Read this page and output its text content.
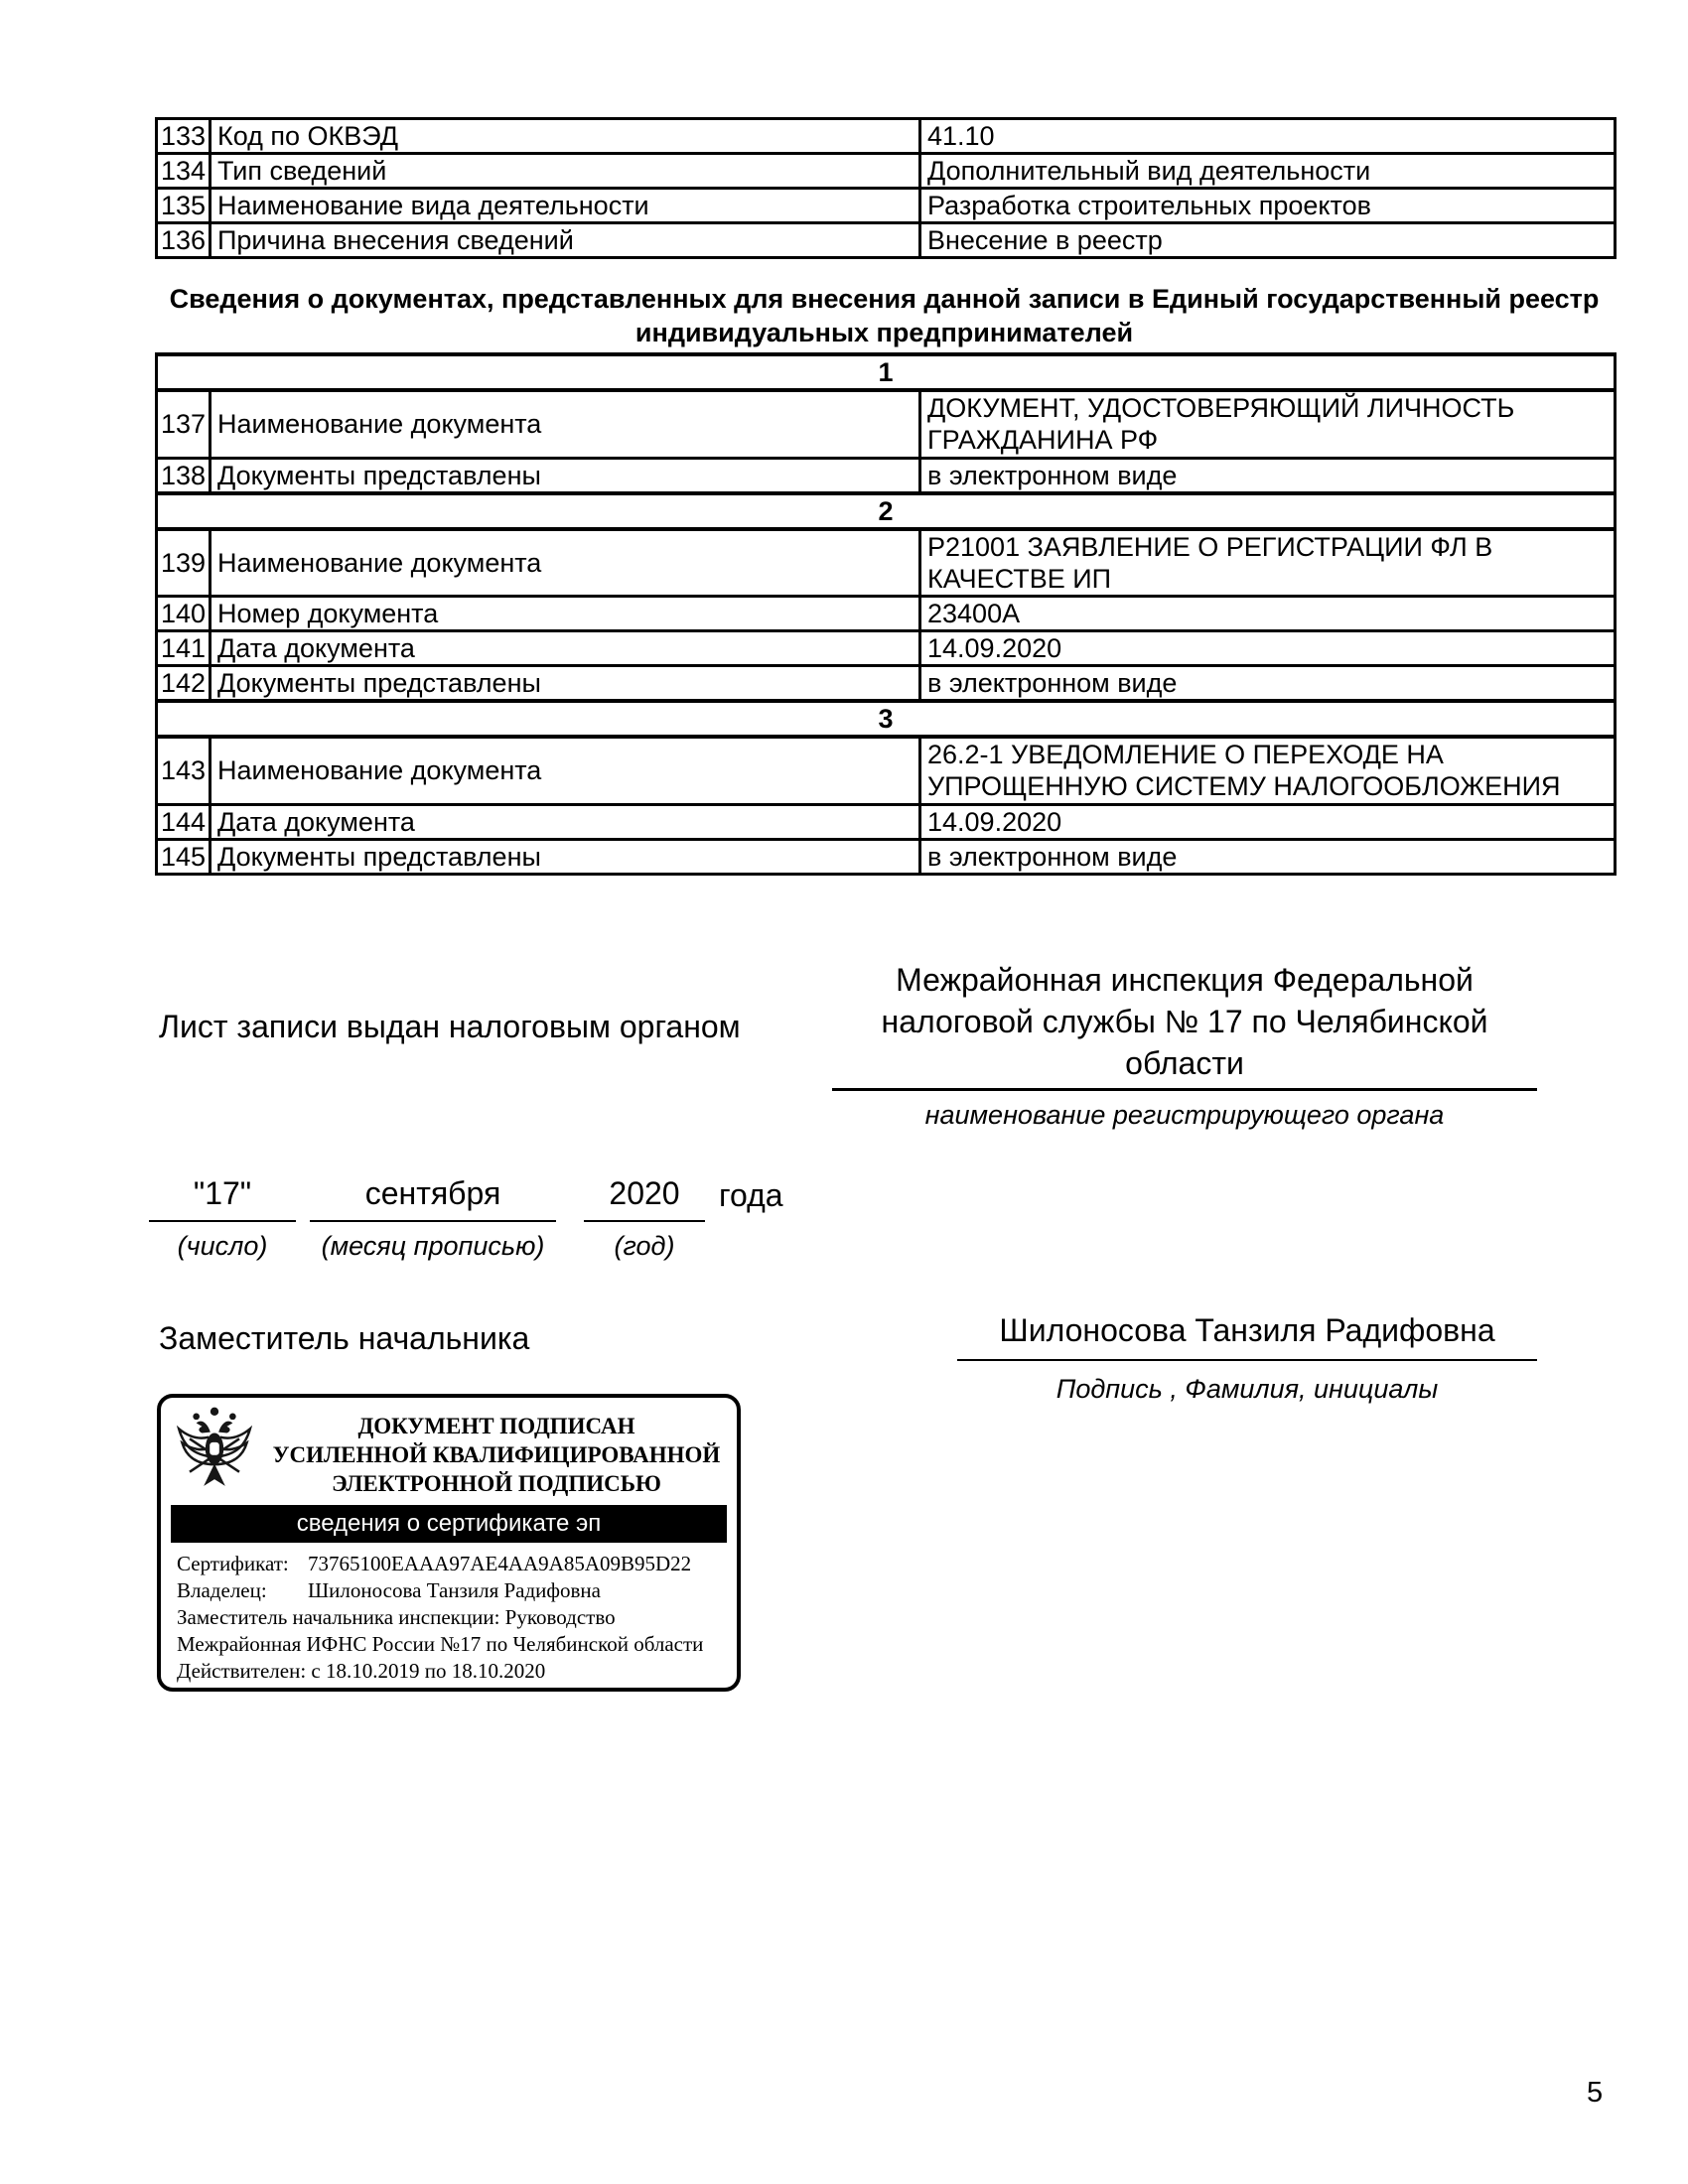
133	Код по ОКВЭД	41.10
134	Тип сведений	Дополнительный вид деятельности
135	Наименование вида деятельности	Разработка строительных проектов
136	Причина внесения сведений	Внесение в реестр
Сведения о документах, представленных для внесения данной записи в Единый государственный реестр индивидуальных предпринимателей
1		
137	Наименование документа	ДОКУМЕНТ, УДОСТОВЕРЯЮЩИЙ ЛИЧНОСТЬ ГРАЖДАНИНА РФ
138	Документы представлены	в электронном виде
2		
139	Наименование документа	Р21001 ЗАЯВЛЕНИЕ О РЕГИСТРАЦИИ ФЛ В КАЧЕСТВЕ ИП
140	Номер документа	23400А
141	Дата документа	14.09.2020
142	Документы представлены	в электронном виде
3		
143	Наименование документа	26.2-1 УВЕДОМЛЕНИЕ О ПЕРЕХОДЕ НА УПРОЩЕННУЮ СИСТЕМУ НАЛОГООБЛОЖЕНИЯ
144	Дата документа	14.09.2020
145	Документы представлены	в электронном виде
Лист записи выдан налоговым органом
Межрайонная инспекция Федеральной налоговой службы № 17 по Челябинской области
наименование регистрирующего органа
"17"	сентября	2020	года
(число)	(месяц прописью)	(год)
Заместитель начальника	Шилоносова Танзиля Радифовна
Подпись , Фамилия, инициалы
ДОКУМЕНТ ПОДПИСАН
УСИЛЕННОЙ КВАЛИФИЦИРОВАННОЙ
ЭЛЕКТРОННОЙ ПОДПИСЬЮ
сведения о сертификате эп
Сертификат: 73765100EAAA97AE4AA9A85A09B95D22
Владелец: Шилоносова Танзиля Радифовна
Заместитель начальника инспекции: Руководство
Межрайонная ИФНС России №17 по Челябинской области
Действителен: с 18.10.2019 по 18.10.2020
5
